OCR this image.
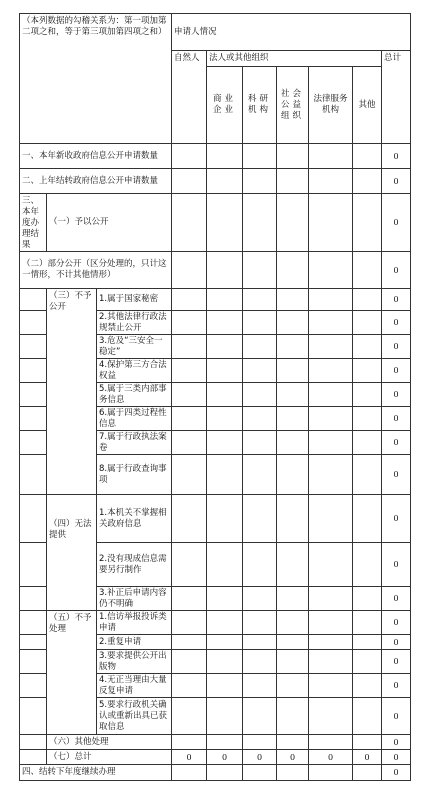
（本列数据的勾稽关系为：第一项加第二项之和，等于第三项加第四项之和）			申请人情况						
			自然人	法人或其他组织					总计
				商业企业	科研机构	社会公益组织	法律服务机构	其他	
一、本年新收政府信息公开申请数量									0
二、上年结转政府信息公开申请数量									0
三、本年度办理结果	（一）予以公开								0
（二）部分公开（区分处理的，只计这一情形，不计其他情形）									0
	（三）不予公开	1.属于国家秘密							0
		2.其他法律行政法规禁止公开							0
		3.危及“三安全一稳定”							0
		4.保护第三方合法权益							0
		5.属于三类内部事务信息							0
		6.属于四类过程性信息							0
		7.属于行政执法案卷							0
		8.属于行政查询事项							0
	（四）无法提供	1.本机关不掌握相关政府信息							0
		2.没有现成信息需要另行制作							0
		3.补正后申请内容仍不明确							0
	（五）不予处理	1.信访举报投诉类申请							0
		2.重复申请							0
		3.要求提供公开出版物							0
		4.无正当理由大量反复申请							0
		5.要求行政机关确认或重新出具已获取信息							0
	（六）其他处理								0
	（七）总计		0	0	0	0	0	0	0
四、结转下年度继续办理									0
